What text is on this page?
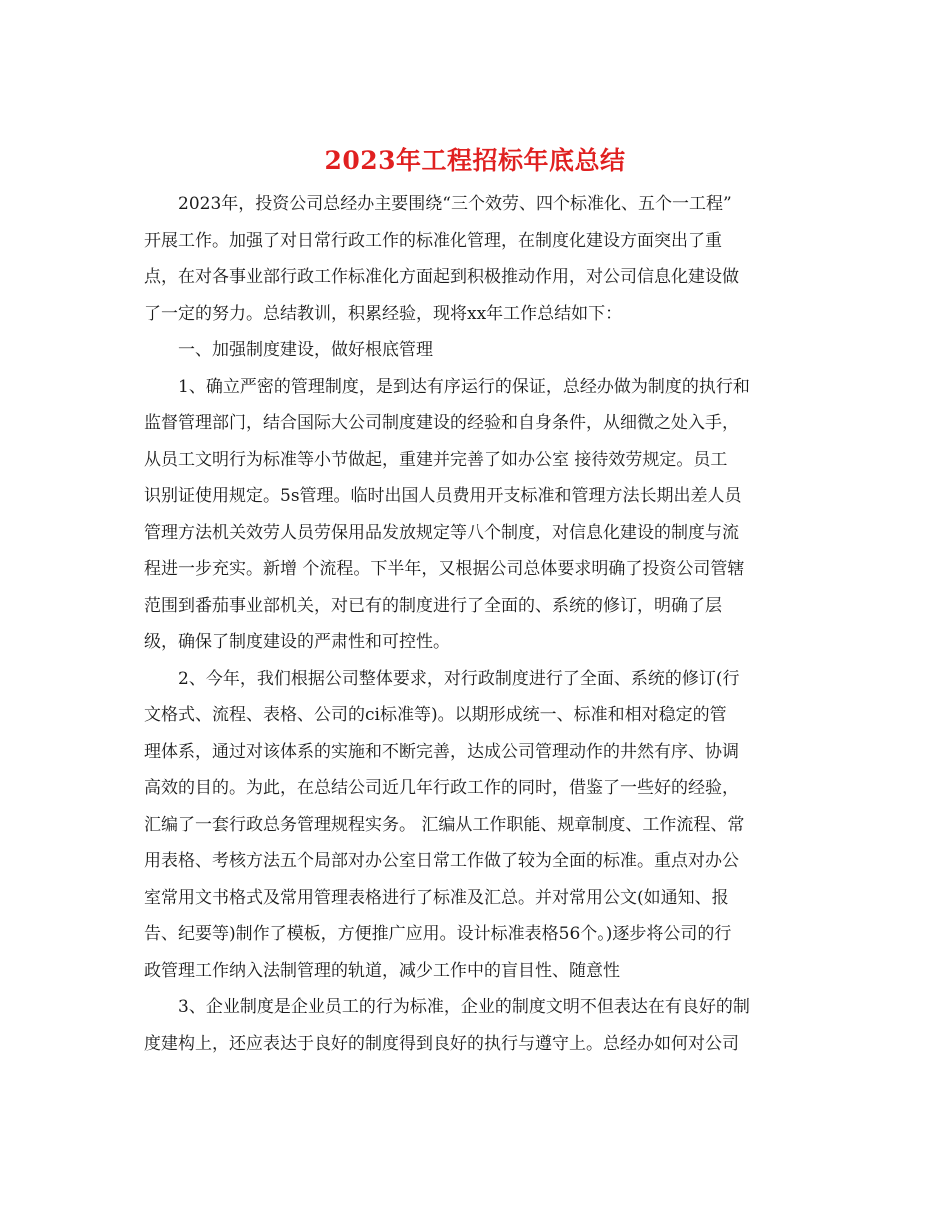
2023年工程招标年底总结
2023年，投资公司总经办主要围绕“三个效劳、四个标准化、五个一工程”
开展工作。加强了对日常行政工作的标准化管理，在制度化建设方面突出了重
点，在对各事业部行政工作标准化方面起到积极推动作用，对公司信息化建设做
了一定的努力。总结教训，积累经验，现将xx年工作总结如下：
一、加强制度建设，做好根底管理
1、确立严密的管理制度，是到达有序运行的保证，总经办做为制度的执行和
监督管理部门，结合国际大公司制度建设的经验和自身条件，从细微之处入手，
从员工文明行为标准等小节做起，重建并完善了如办公室 接待效劳规定。员工
识别证使用规定。5s管理。临时出国人员费用开支标准和管理方法长期出差人员
管理方法机关效劳人员劳保用品发放规定等八个制度，对信息化建设的制度与流
程进一步充实。新增 个流程。下半年，又根据公司总体要求明确了投资公司管辖
范围到番茄事业部机关，对已有的制度进行了全面的、系统的修订，明确了层
级，确保了制度建设的严肃性和可控性。
2、今年，我们根据公司整体要求，对行政制度进行了全面、系统的修订(行
文格式、流程、表格、公司的ci标准等)。以期形成统一、标准和相对稳定的管
理体系，通过对该体系的实施和不断完善，达成公司管理动作的井然有序、协调
高效的目的。为此，在总结公司近几年行政工作的同时，借鉴了一些好的经验，
汇编了一套行政总务管理规程实务。 汇编从工作职能、规章制度、工作流程、常
用表格、考核方法五个局部对办公室日常工作做了较为全面的标准。重点对办公
室常用文书格式及常用管理表格进行了标准及汇总。并对常用公文(如通知、报
告、纪要等)制作了模板，方便推广应用。设计标准表格56个。)逐步将公司的行
政管理工作纳入法制管理的轨道，减少工作中的盲目性、随意性
3、企业制度是企业员工的行为标准，企业的制度文明不但表达在有良好的制
度建构上，还应表达于良好的制度得到良好的执行与遵守上。总经办如何对公司
